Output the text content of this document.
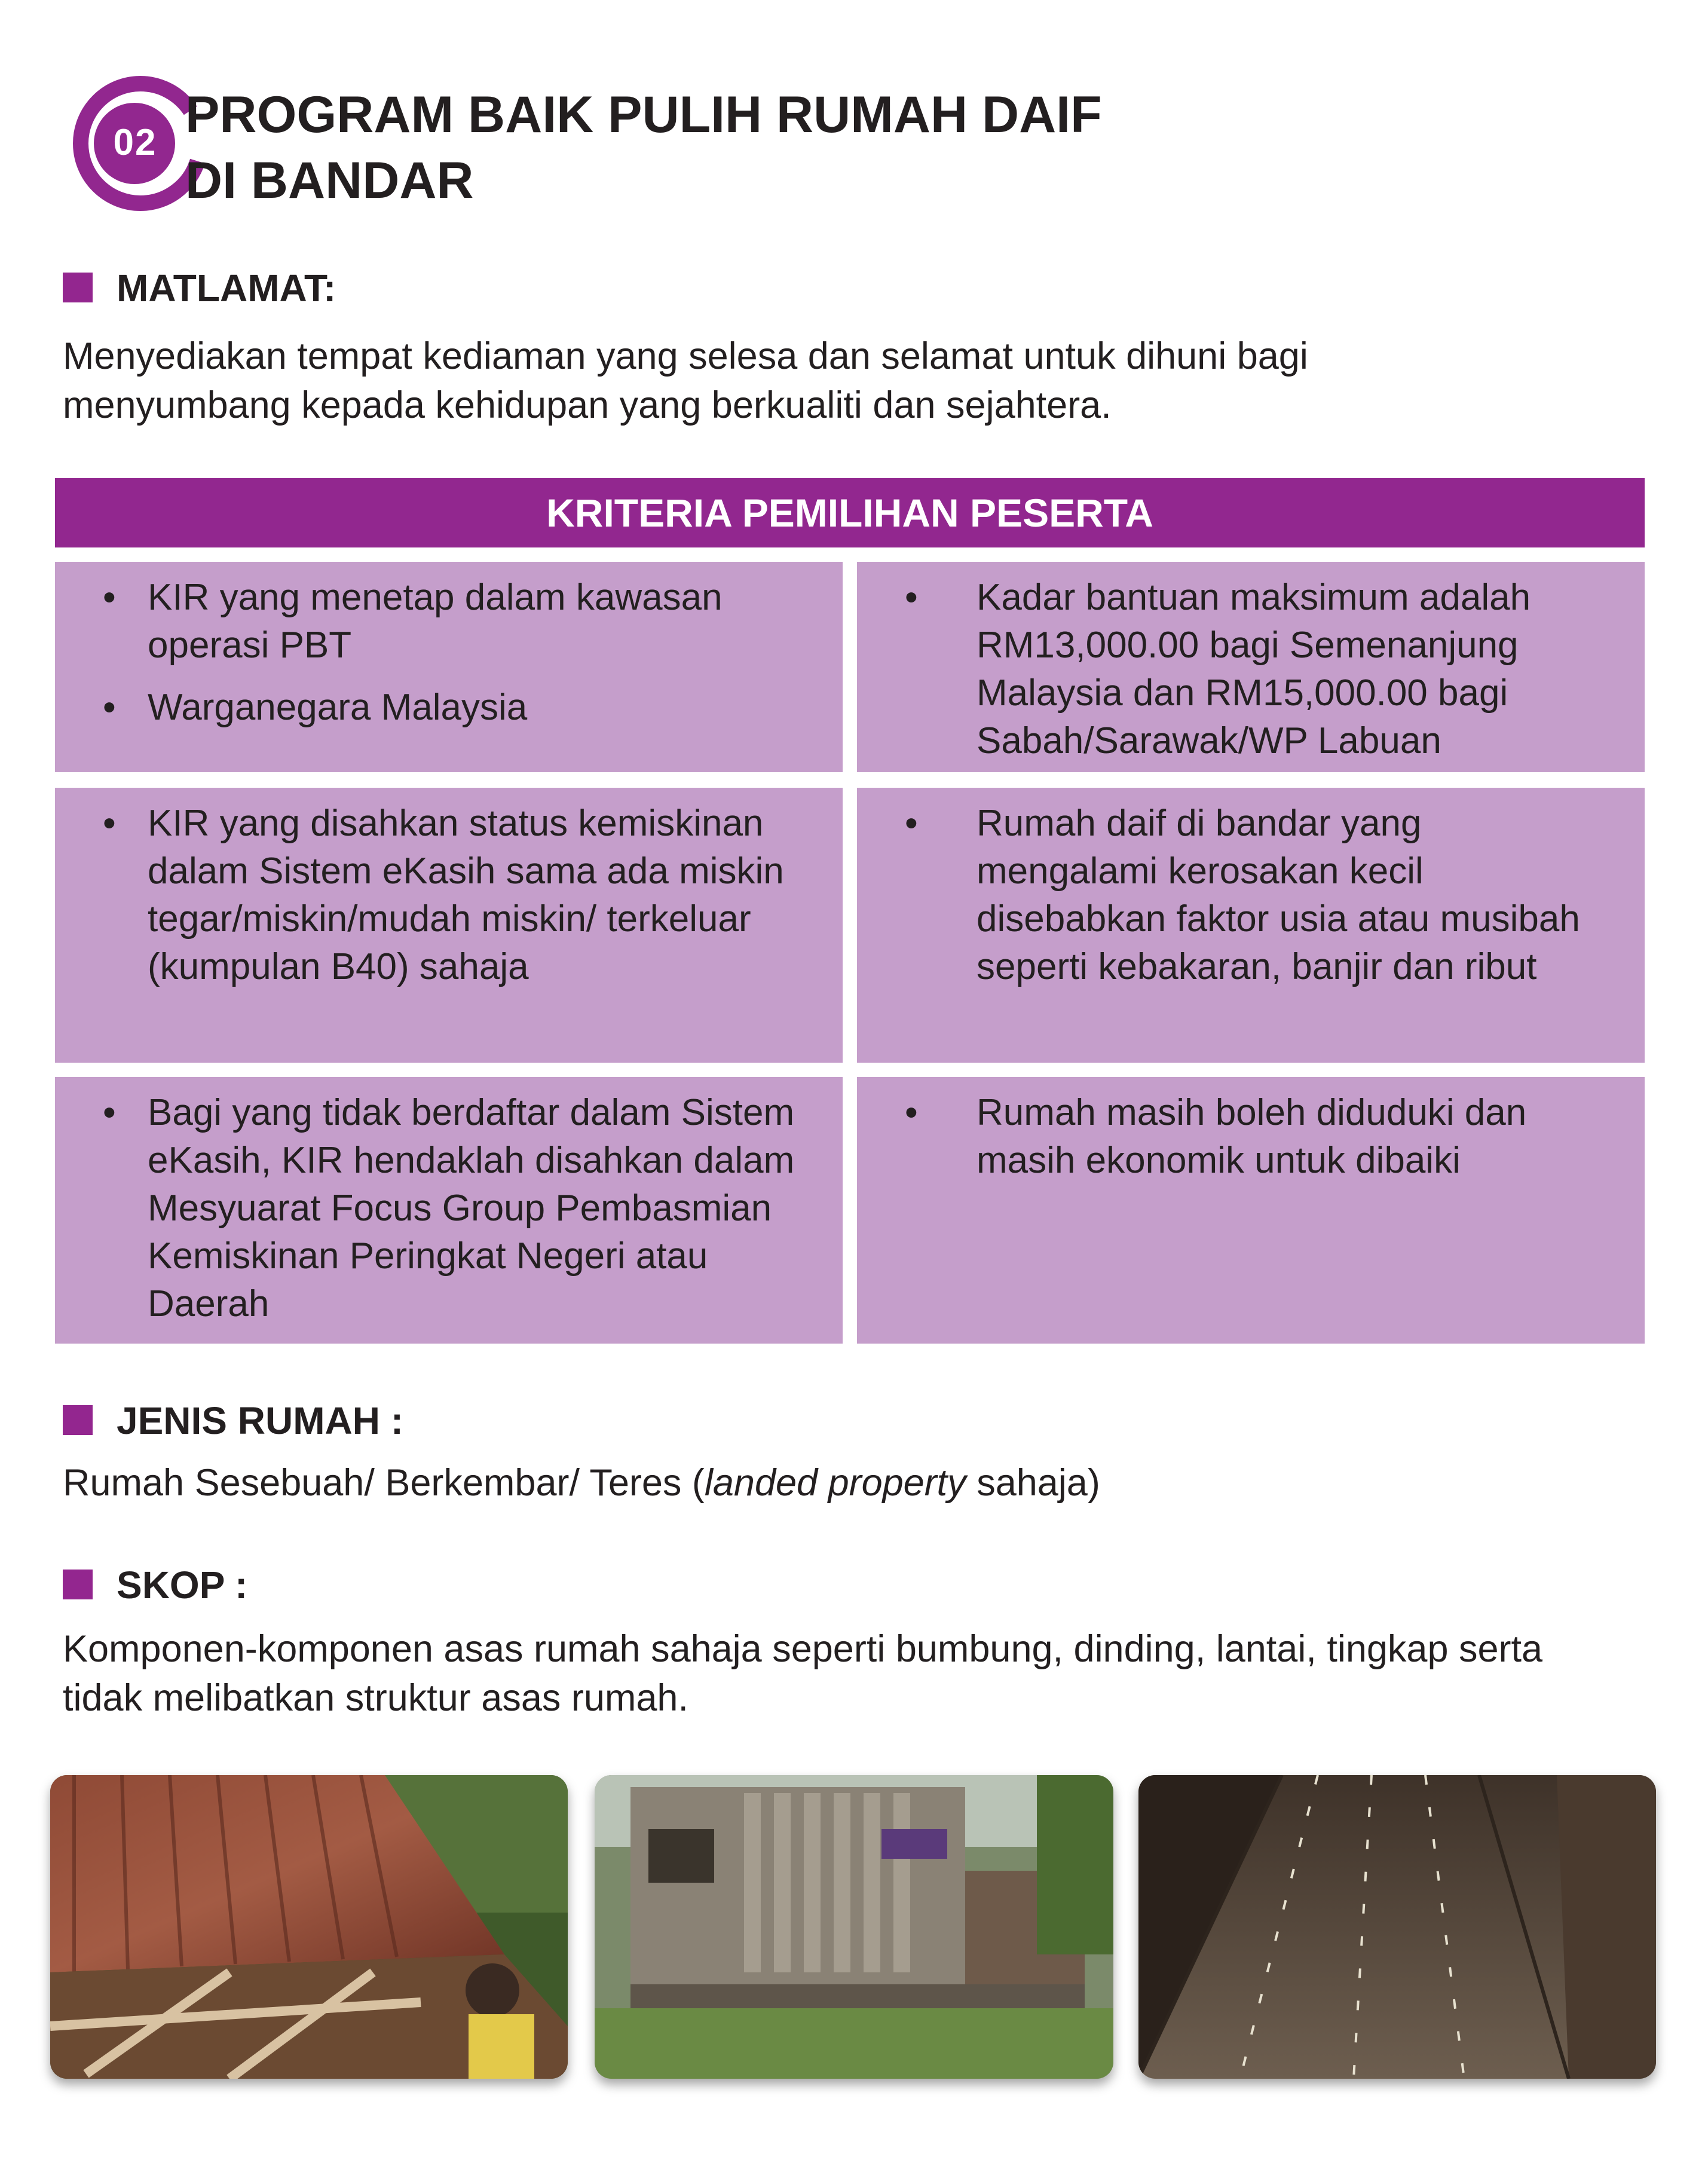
02 PROGRAM BAIK PULIH RUMAH DAIF
DI BANDAR
MATLAMAT:

Menyediakan tempat kediaman yang selesa dan selamat untuk dihuni bagi
menyumbang kepada kehidupan yang berkualiti dan sejahtera.

KRITERIA PEMILIHAN PESERTA
• KIR yang menetap dalam kawasan operasi PBT
• Warganegara Malaysia
• Kadar bantuan maksimum adalah RM13,000.00 bagi Semenanjung Malaysia dan RM15,000.00 bagi Sabah/Sarawak/WP Labuan
• KIR yang disahkan status kemiskinan dalam Sistem eKasih sama ada miskin tegar/miskin/mudah miskin/ terkeluar (kumpulan B40) sahaja
• Rumah daif di bandar yang mengalami kerosakan kecil disebabkan faktor usia atau musibah seperti kebakaran, banjir dan ribut
• Bagi yang tidak berdaftar dalam Sistem eKasih, KIR hendaklah disahkan dalam Mesyuarat Focus Group Pembasmian Kemiskinan Peringkat Negeri atau Daerah
• Rumah masih boleh diduduki dan masih ekonomik untuk dibaiki
JENIS RUMAH :

Rumah Sesebuah/ Berkembar/ Teres (landed property sahaja)

SKOP :

Komponen-komponen asas rumah sahaja seperti bumbung, dinding, lantai, tingkap serta
tidak melibatkan struktur asas rumah.
